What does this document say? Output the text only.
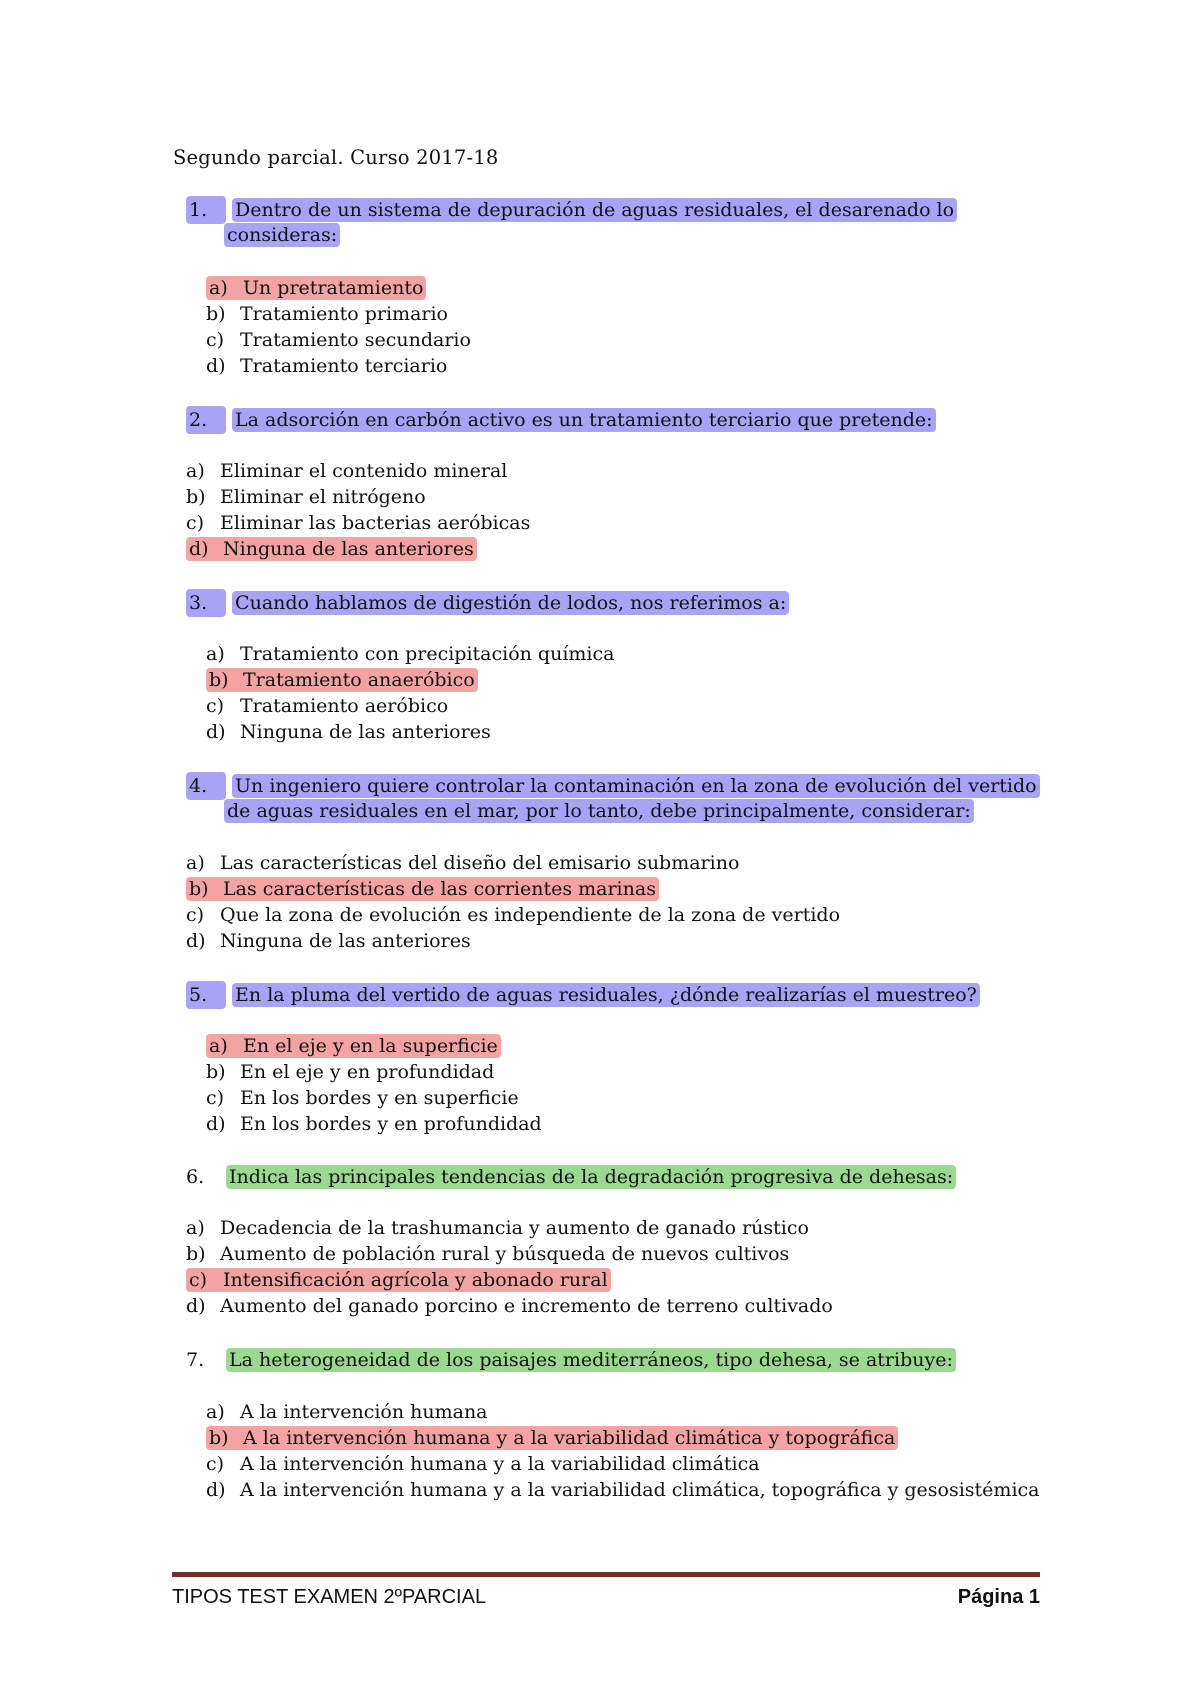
Segundo parcial. Curso 2017-18
1. Dentro de un sistema de depuración de aguas residuales, el desarenado lo
consideras:
a) Un pretratamiento
b) Tratamiento primario
c) Tratamiento secundario
d) Tratamiento terciario
2. La adsorción en carbón activo es un tratamiento terciario que pretende:
a) Eliminar el contenido mineral
b) Eliminar el nitrógeno
c) Eliminar las bacterias aeróbicas
d) Ninguna de las anteriores
3. Cuando hablamos de digestión de lodos, nos referimos a:
a) Tratamiento con precipitación química
b) Tratamiento anaeróbico
c) Tratamiento aeróbico
d) Ninguna de las anteriores
4. Un ingeniero quiere controlar la contaminación en la zona de evolución del vertido
de aguas residuales en el mar, por lo tanto, debe principalmente, considerar:
a) Las características del diseño del emisario submarino
b) Las características de las corrientes marinas
c) Que la zona de evolución es independiente de la zona de vertido
d) Ninguna de las anteriores
5. En la pluma del vertido de aguas residuales, ¿dónde realizarías el muestreo?
a) En el eje y en la superficie
b) En el eje y en profundidad
c) En los bordes y en superficie
d) En los bordes y en profundidad
6. Indica las principales tendencias de la degradación progresiva de dehesas:
a) Decadencia de la trashumancia y aumento de ganado rústico
b) Aumento de población rural y búsqueda de nuevos cultivos
c) Intensificación agrícola y abonado rural
d) Aumento del ganado porcino e incremento de terreno cultivado
7. La heterogeneidad de los paisajes mediterráneos, tipo dehesa, se atribuye:
a) A la intervención humana
b) A la intervención humana y a la variabilidad climática y topográfica
c) A la intervención humana y a la variabilidad climática
d) A la intervención humana y a la variabilidad climática, topográfica y gesosistémica
TIPOS TEST EXAMEN 2ºPARCIAL	Página 1
